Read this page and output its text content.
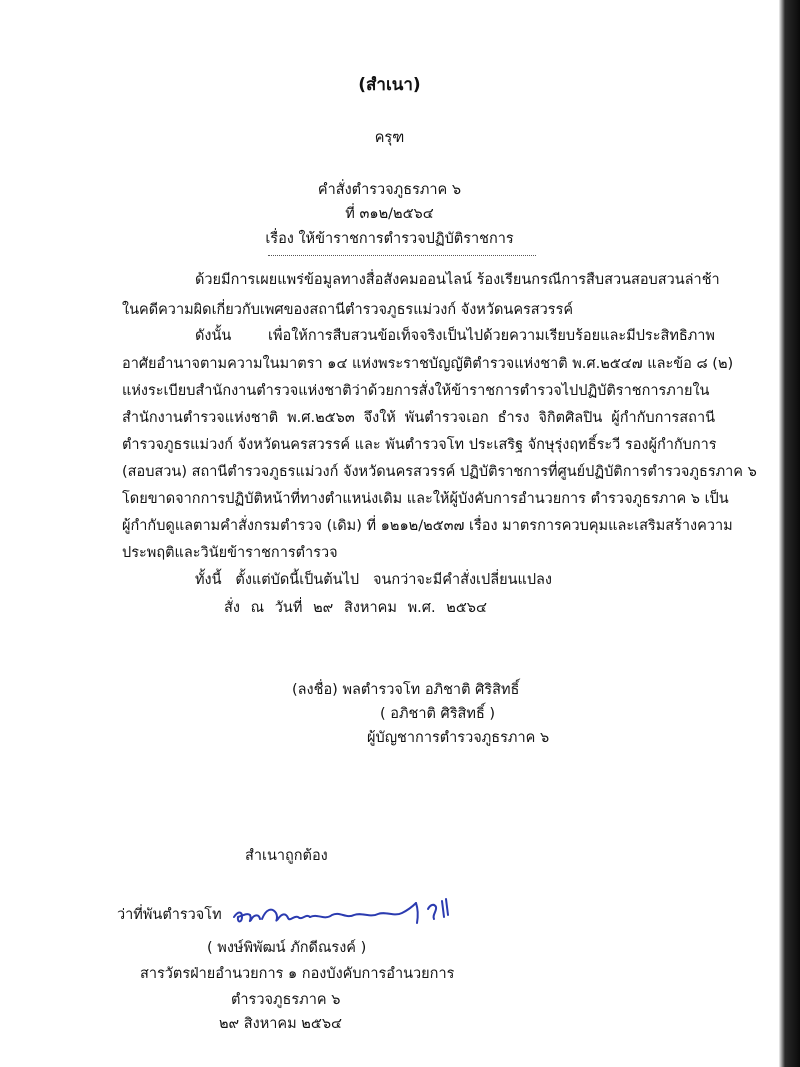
(สำเนา)
ครุฑ
คำสั่งตำรวจภูธรภาค ๖
ที่ ๓๑๒/๒๕๖๔
เรื่อง ให้ข้าราชการตำรวจปฏิบัติราชการ
ด้วยมีการเผยแพร่ข้อมูลทางสื่อสังคมออนไลน์ ร้องเรียนกรณีการสืบสวนสอบสวนล่าช้า
ในคดีความผิดเกี่ยวกับเพศของสถานีตำรวจภูธรแม่วงก์ จังหวัดนครสวรรค์
ดังนั้น เพื่อให้การสืบสวนข้อเท็จจริงเป็นไปด้วยความเรียบร้อยและมีประสิทธิภาพ
อาศัยอำนาจตามความในมาตรา ๑๔ แห่งพระราชบัญญัติตำรวจแห่งชาติ พ.ศ.๒๕๔๗ และข้อ ๘ (๒)
แห่งระเบียบสำนักงานตำรวจแห่งชาติว่าด้วยการสั่งให้ข้าราชการตำรวจไปปฏิบัติราชการภายใน
สำนักงานตำรวจแห่งชาติ พ.ศ.๒๕๖๓ จึงให้ พันตำรวจเอก ธำรง จิกิตศิลปิน ผู้กำกับการสถานี
ตำรวจภูธรแม่วงก์ จังหวัดนครสวรรค์ และ พันตำรวจโท ประเสริฐ จักษุรุ่งฤทธิ์ระวี รองผู้กำกับการ
(สอบสวน) สถานีตำรวจภูธรแม่วงก์ จังหวัดนครสวรรค์ ปฏิบัติราชการที่ศูนย์ปฏิบัติการตำรวจภูธรภาค ๖
โดยขาดจากการปฏิบัติหน้าที่ทางตำแหน่งเดิม และให้ผู้บังคับการอำนวยการ ตำรวจภูธรภาค ๖ เป็น
ผู้กำกับดูแลตามคำสั่งกรมตำรวจ (เดิม) ที่ ๑๒๑๒/๒๕๓๗ เรื่อง มาตรการควบคุมและเสริมสร้างความ
ประพฤติและวินัยข้าราชการตำรวจ
ทั้งนี้ ตั้งแต่บัดนี้เป็นต้นไป จนกว่าจะมีคำสั่งเปลี่ยนแปลง
สั่ง ณ วันที่ ๒๙ สิงหาคม พ.ศ. ๒๕๖๔
(ลงชื่อ) พลตำรวจโท อภิชาติ ศิริสิทธิ์
( อภิชาติ ศิริสิทธิ์ )
ผู้บัญชาการตำรวจภูธรภาค ๖
สำเนาถูกต้อง
ว่าที่พันตำรวจโท
( พงษ์พิพัฒน์ ภักดีณรงค์ )
สารวัตรฝ่ายอำนวยการ ๑ กองบังคับการอำนวยการ
ตำรวจภูธรภาค ๖
๒๙ สิงหาคม ๒๕๖๔
